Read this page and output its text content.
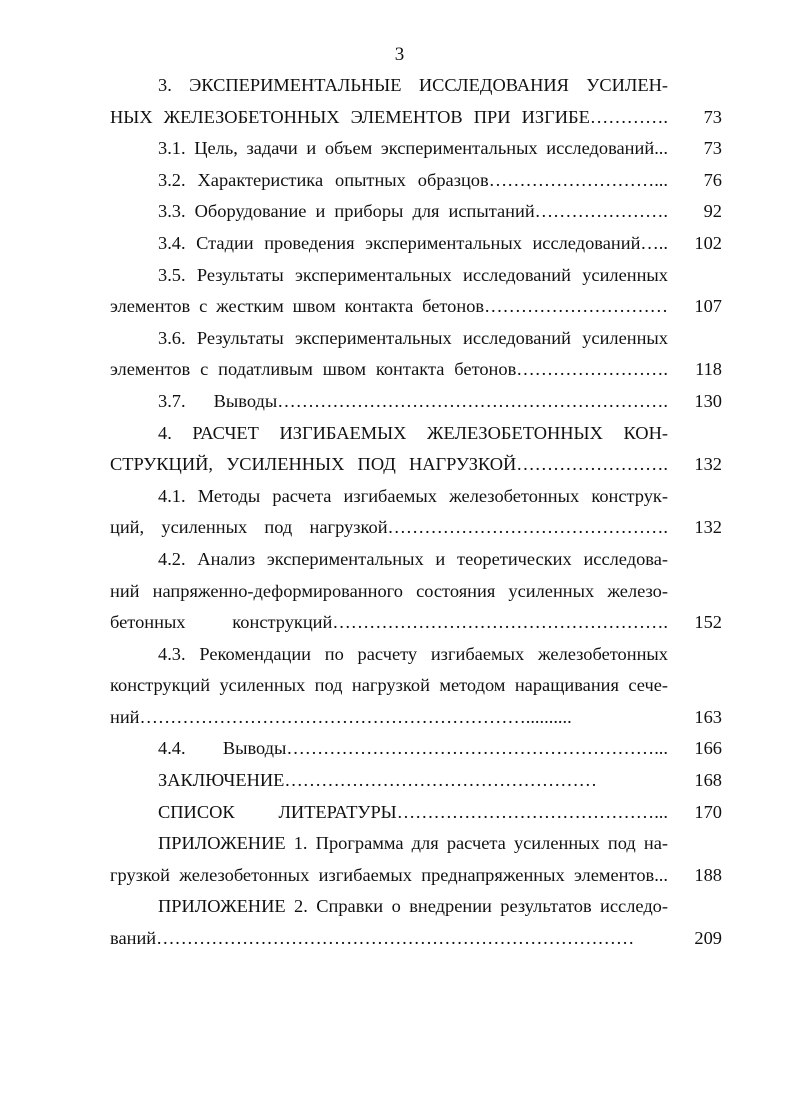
3
3. ЭКСПЕРИМЕНТАЛЬНЫЕ ИССЛЕДОВАНИЯ УСИЛЕН-
НЫХ ЖЕЛЕЗОБЕТОННЫХ ЭЛЕМЕНТОВ ПРИ ИЗГИБЕ………….	73
3.1. Цель, задачи и объем экспериментальных исследований...	73
3.2. Характеристика опытных образцов………………………...	76
3.3. Оборудование и приборы для испытаний………………….	92
3.4. Стадии проведения экспериментальных исследований…..	102
3.5. Результаты экспериментальных исследований усиленных
элементов с жестким швом контакта бетонов…………………………	107
3.6. Результаты экспериментальных исследований усиленных
элементов с податливым швом контакта бетонов…………………….	118
3.7. Выводы……………………………………………………….	130
4. РАСЧЕТ ИЗГИБАЕМЫХ ЖЕЛЕЗОБЕТОННЫХ КОН-
СТРУКЦИЙ, УСИЛЕННЫХ ПОД НАГРУЗКОЙ…………………….	132
4.1. Методы расчета изгибаемых железобетонных конструк-
ций, усиленных под нагрузкой……………………………………….	132
4.2. Анализ экспериментальных и теоретических исследова-
ний напряженно-деформированного состояния усиленных железо-
бетонных конструкций……………………………………………….	152
4.3. Рекомендации по расчету изгибаемых железобетонных
конструкций усиленных под нагрузкой методом наращивания сече-
ний………………………………………………………..........	163
4.4. Выводы……………………………………………………...	166
ЗАКЛЮЧЕНИЕ……………………………………………	168
СПИСОК ЛИТЕРАТУРЫ……………………………………...	170
ПРИЛОЖЕНИЕ 1. Программа для расчета усиленных под на-
грузкой железобетонных изгибаемых преднапряженных элементов...	188
ПРИЛОЖЕНИЕ 2. Справки о внедрении результатов исследо-
ваний……………………………………………………………………	209
